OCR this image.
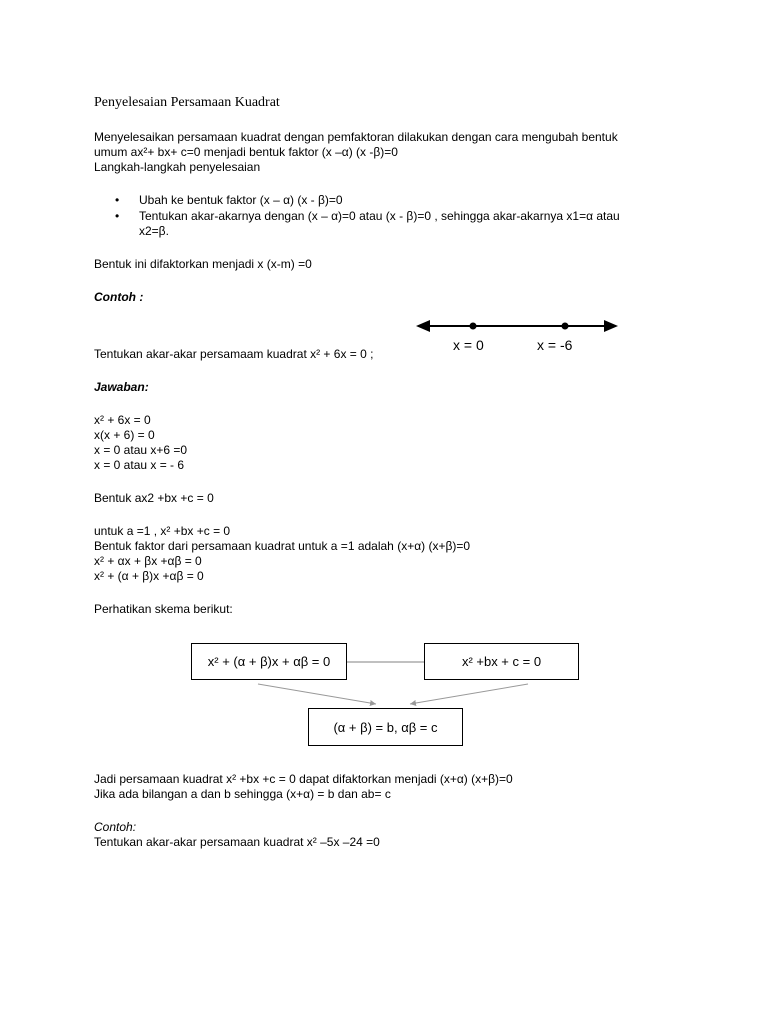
Penyelesaian Persamaan Kuadrat
Menyelesaikan persamaan kuadrat dengan pemfaktoran dilakukan dengan cara mengubah bentuk
umum ax²+ bx+ c=0 menjadi bentuk faktor (x –α) (x -β)=0
Langkah-langkah penyelesaian
• Ubah ke bentuk faktor (x – α) (x - β)=0
• Tentukan akar-akarnya dengan (x – α)=0 atau (x - β)=0 , sehingga akar-akarnya x1=α atau
x2=β.
Bentuk ini difaktorkan menjadi x (x-m) =0
Contoh :
x = 0	x = -6
Tentukan akar-akar persamaam kuadrat x² + 6x = 0 ;
Jawaban:
x² + 6x = 0
x(x + 6) = 0
x = 0 atau x+6 =0
x = 0 atau x = - 6
Bentuk ax2 +bx +c = 0
untuk a =1 , x² +bx +c = 0
Bentuk faktor dari persamaan kuadrat untuk a =1 adalah (x+α) (x+β)=0
x² + αx + βx +αβ = 0
x² + (α + β)x +αβ = 0
Perhatikan skema berikut:
x² + (α + β)x + αβ = 0	x² +bx + c = 0
(α + β) = b, αβ = c
Jadi persamaan kuadrat x² +bx +c = 0 dapat difaktorkan menjadi (x+α) (x+β)=0
Jika ada bilangan a dan b sehingga (x+α) = b dan ab= c
Contoh:
Tentukan akar-akar persamaan kuadrat x² –5x –24 =0
